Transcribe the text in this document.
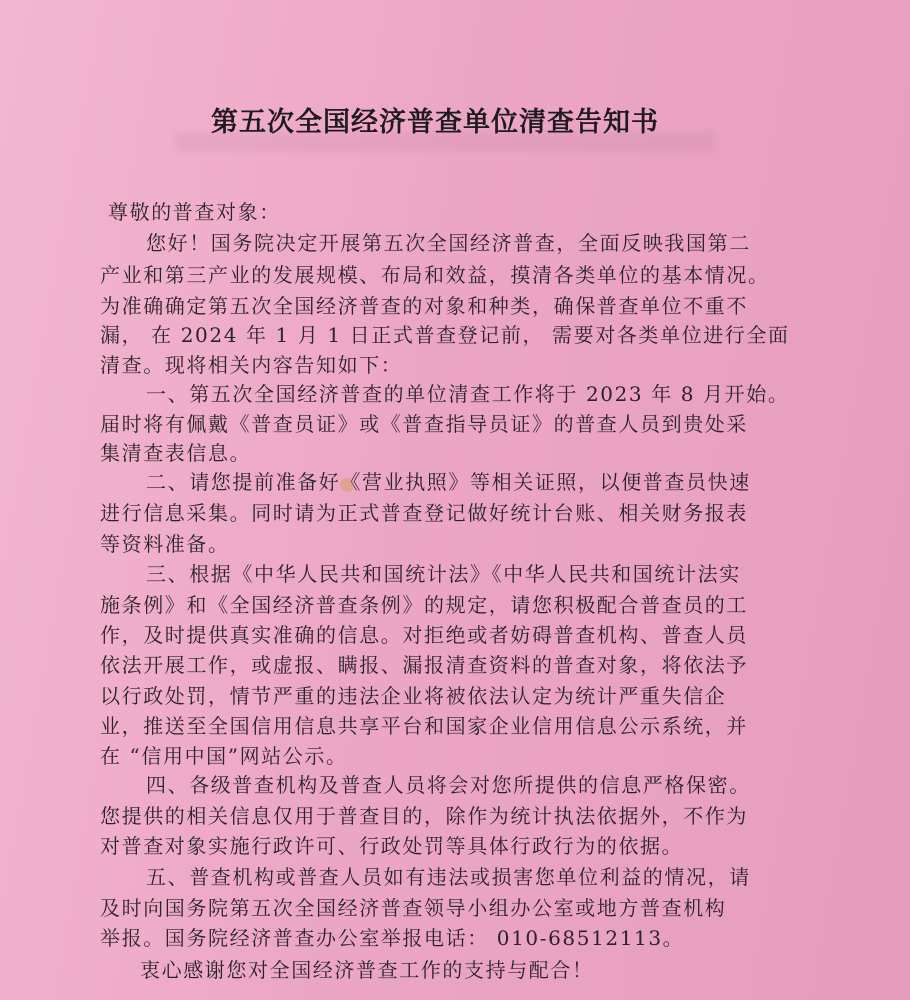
第五次全国经济普查单位清查告知书
尊敬的普查对象：
您好！国务院决定开展第五次全国经济普查，全面反映我国第二
产业和第三产业的发展规模、布局和效益，摸清各类单位的基本情况。
为准确确定第五次全国经济普查的对象和种类，确保普查单位不重不
漏， 在 2024 年 1 月 1 日正式普查登记前， 需要对各类单位进行全面
清查。现将相关内容告知如下：
一、第五次全国经济普查的单位清查工作将于 2023 年 8 月开始。
届时将有佩戴《普查员证》或《普查指导员证》的普查人员到贵处采
集清查表信息。
二、请您提前准备好《营业执照》等相关证照，以便普查员快速
进行信息采集。同时请为正式普查登记做好统计台账、相关财务报表
等资料准备。
三、根据《中华人民共和国统计法》《中华人民共和国统计法实
施条例》和《全国经济普查条例》的规定，请您积极配合普查员的工
作，及时提供真实准确的信息。对拒绝或者妨碍普查机构、普查人员
依法开展工作，或虚报、瞒报、漏报清查资料的普查对象，将依法予
以行政处罚，情节严重的违法企业将被依法认定为统计严重失信企
业，推送至全国信用信息共享平台和国家企业信用信息公示系统，并
在 “信用中国”网站公示。
四、各级普查机构及普查人员将会对您所提供的信息严格保密。
您提供的相关信息仅用于普查目的，除作为统计执法依据外，不作为
对普查对象实施行政许可、行政处罚等具体行政行为的依据。
五、普查机构或普查人员如有违法或损害您单位利益的情况，请
及时向国务院第五次全国经济普查领导小组办公室或地方普查机构
举报。国务院经济普查办公室举报电话： 010-68512113。
衷心感谢您对全国经济普查工作的支持与配合！
